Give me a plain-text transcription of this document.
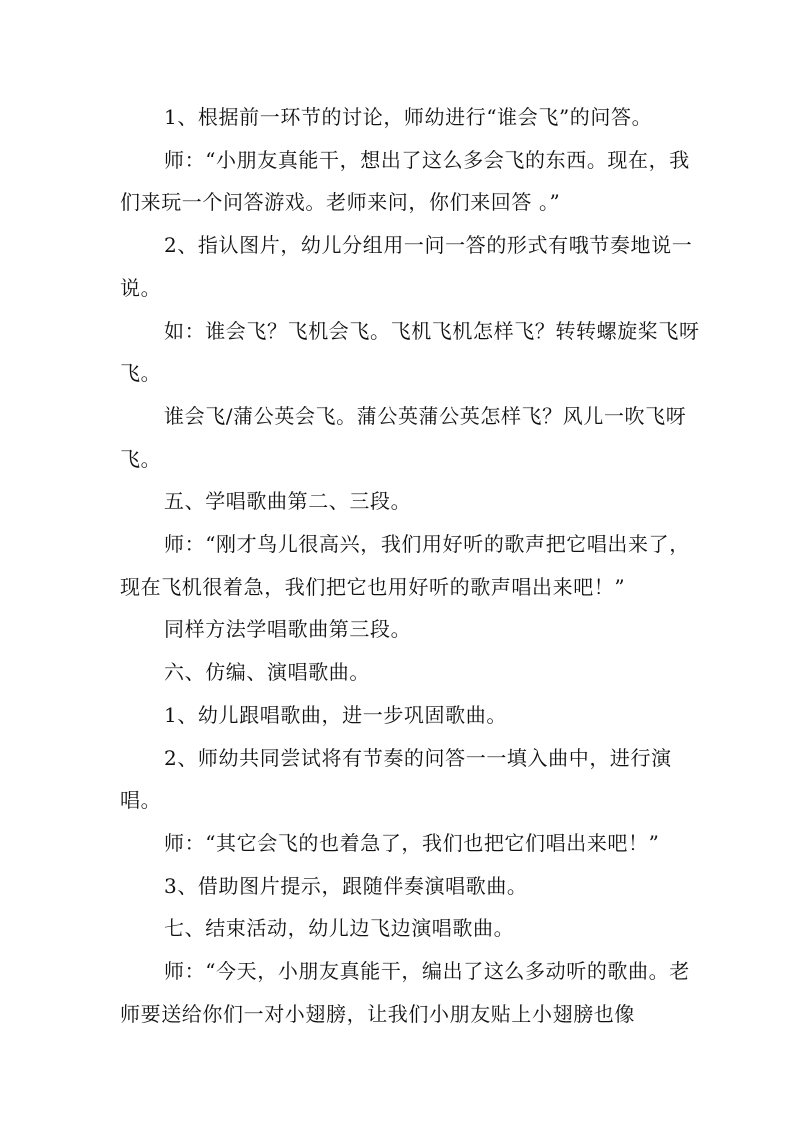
1、根据前一环节的讨论，师幼进行“谁会飞”的问答。

师：“小朋友真能干，想出了这么多会飞的东西。现在，我们来玩一个问答游戏。老师来问，你们来回答 。”

2、指认图片，幼儿分组用一问一答的形式有哦节奏地说一说。

如：谁会飞？飞机会飞。飞机飞机怎样飞？转转螺旋桨飞呀飞。

谁会飞/蒲公英会飞。蒲公英蒲公英怎样飞？风儿一吹飞呀飞。

五、学唱歌曲第二、三段。

师：“刚才鸟儿很高兴，我们用好听的歌声把它唱出来了，现在飞机很着急，我们把它也用好听的歌声唱出来吧！”

同样方法学唱歌曲第三段。

六、仿编、演唱歌曲。

1、幼儿跟唱歌曲，进一步巩固歌曲。

2、师幼共同尝试将有节奏的问答一一填入曲中，进行演唱。

师：“其它会飞的也着急了，我们也把它们唱出来吧！”

3、借助图片提示，跟随伴奏演唱歌曲。

七、结束活动，幼儿边飞边演唱歌曲。

师：“今天，小朋友真能干，编出了这么多动听的歌曲。老师要送给你们一对小翅膀，让我们小朋友贴上小翅膀也像
